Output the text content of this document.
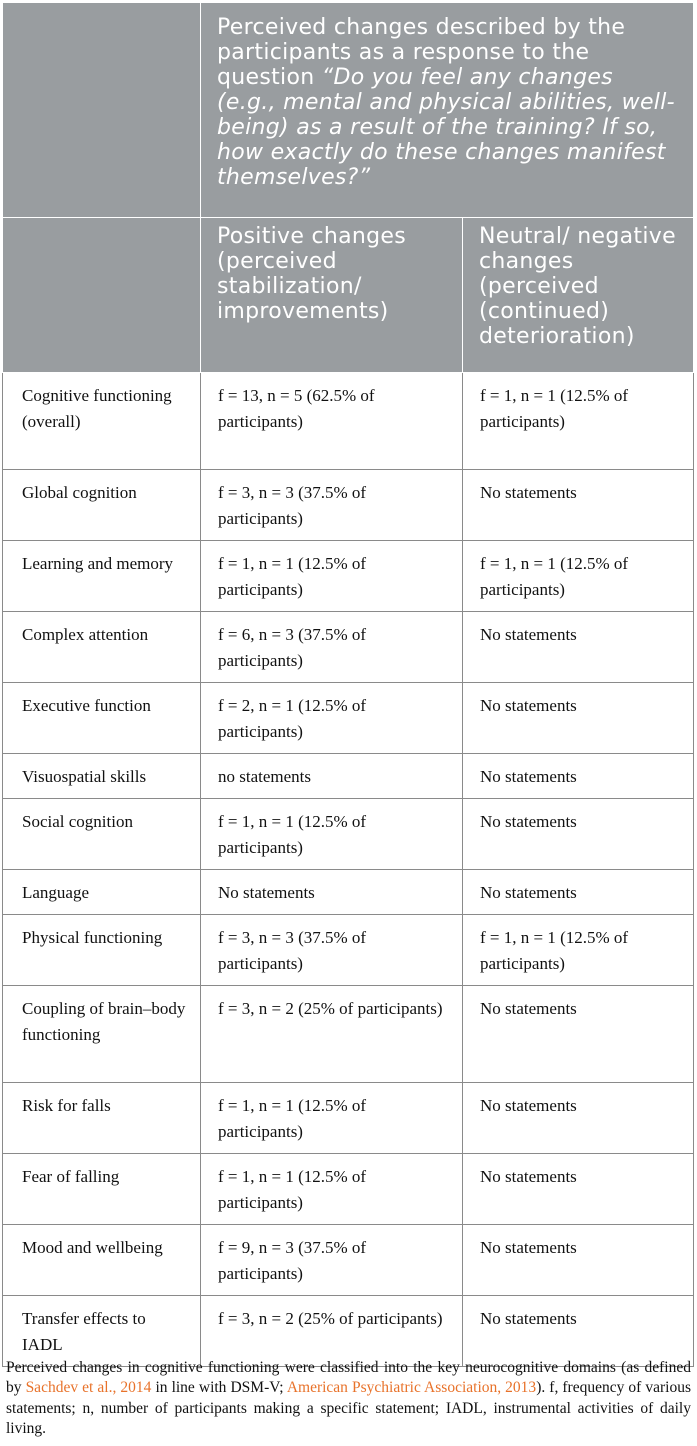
	Perceived changes described by the participants as a response to the question “Do you feel any changes (e.g., mental and physical abilities, well-being) as a result of the training? If so, how exactly do these changes manifest themselves?”	
	Positive changes (perceived stabilization/ improvements)	Neutral/ negative changes (perceived (continued) deterioration)
Cognitive functioning (overall)	f = 13, n = 5 (62.5% of participants)	f = 1, n = 1 (12.5% of participants)
Global cognition	f = 3, n = 3 (37.5% of participants)	No statements
Learning and memory	f = 1, n = 1 (12.5% of participants)	f = 1, n = 1 (12.5% of participants)
Complex attention	f = 6, n = 3 (37.5% of participants)	No statements
Executive function	f = 2, n = 1 (12.5% of participants)	No statements
Visuospatial skills	no statements	No statements
Social cognition	f = 1, n = 1 (12.5% of participants)	No statements
Language	No statements	No statements
Physical functioning	f = 3, n = 3 (37.5% of participants)	f = 1, n = 1 (12.5% of participants)
Coupling of brain–body functioning	f = 3, n = 2 (25% of participants)	No statements
Risk for falls	f = 1, n = 1 (12.5% of participants)	No statements
Fear of falling	f = 1, n = 1 (12.5% of participants)	No statements
Mood and wellbeing	f = 9, n = 3 (37.5% of participants)	No statements
Transfer effects to IADL	f = 3, n = 2 (25% of participants)	No statements

Perceived changes in cognitive functioning were classified into the key neurocognitive domains (as defined by Sachdev et al., 2014 in line with DSM-V; American Psychiatric Association, 2013). f, frequency of various statements; n, number of participants making a specific statement; IADL, instrumental activities of daily living.
